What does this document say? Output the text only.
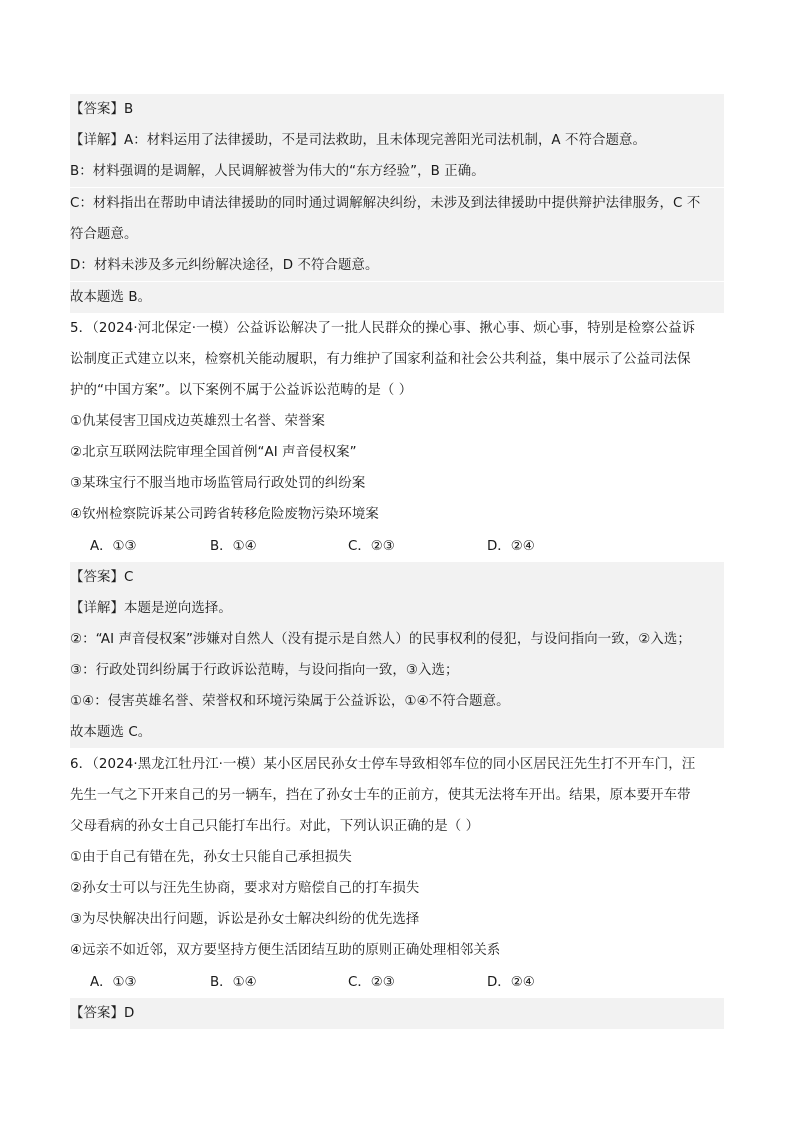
【答案】B
【详解】A：材料运用了法律援助，不是司法救助，且未体现完善阳光司法机制，A 不符合题意。
B：材料强调的是调解，人民调解被誉为伟大的“东方经验”，B 正确。
C：材料指出在帮助申请法律援助的同时通过调解解决纠纷，未涉及到法律援助中提供辩护法律服务，C 不
符合题意。
D：材料未涉及多元纠纷解决途径，D 不符合题意。
故本题选 B。
5．（2024·河北保定·一模）公益诉讼解决了一批人民群众的操心事、揪心事、烦心事，特别是检察公益诉
讼制度正式建立以来，检察机关能动履职，有力维护了国家利益和社会公共利益，集中展示了公益司法保
护的“中国方案”。以下案例不属于公益诉讼范畴的是（ ）
①仇某侵害卫国戍边英雄烈士名誉、荣誉案
②北京互联网法院审理全国首例“AI 声音侵权案”
③某珠宝行不服当地市场监管局行政处罚的纠纷案
④钦州检察院诉某公司跨省转移危险废物污染环境案
A．①③	B．①④	C．②③	D．②④
【答案】C
【详解】本题是逆向选择。
②：“AI 声音侵权案”涉嫌对自然人（没有提示是自然人）的民事权利的侵犯，与设问指向一致，②入选；
③：行政处罚纠纷属于行政诉讼范畴，与设问指向一致，③入选；
①④：侵害英雄名誉、荣誉权和环境污染属于公益诉讼，①④不符合题意。
故本题选 C。
6．（2024·黑龙江牡丹江·一模）某小区居民孙女士停车导致相邻车位的同小区居民汪先生打不开车门，汪
先生一气之下开来自己的另一辆车，挡在了孙女士车的正前方，使其无法将车开出。结果，原本要开车带
父母看病的孙女士自己只能打车出行。对此，下列认识正确的是（ ）
①由于自己有错在先，孙女士只能自己承担损失
②孙女士可以与汪先生协商，要求对方赔偿自己的打车损失
③为尽快解决出行问题，诉讼是孙女士解决纠纷的优先选择
④远亲不如近邻，双方要坚持方便生活团结互助的原则正确处理相邻关系
A．①③	B．①④	C．②③	D．②④
【答案】D
